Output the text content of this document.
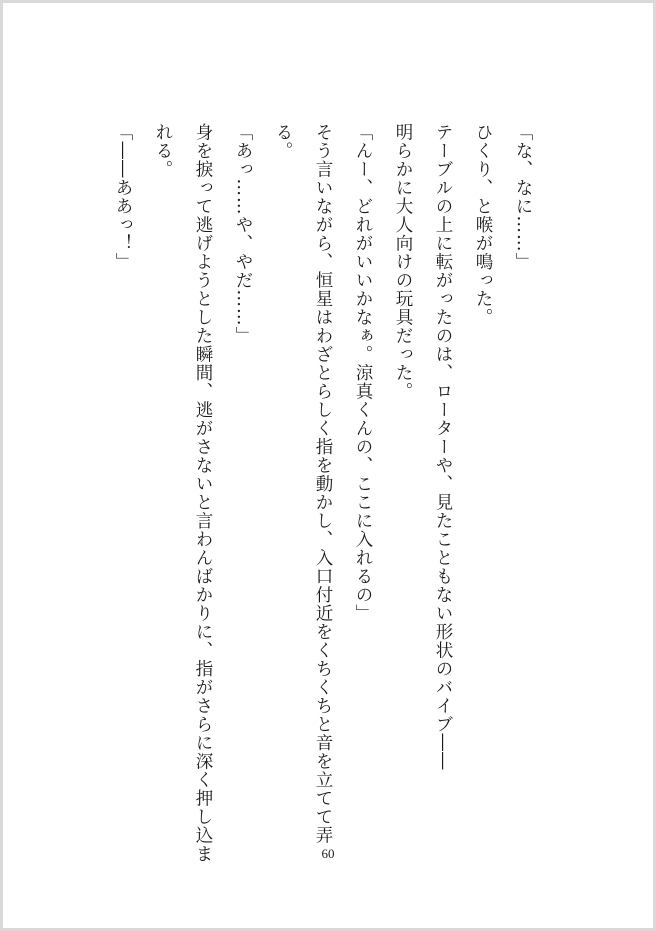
「な、なに……」

ひくり、と喉が鳴った。

テーブルの上に転がったのは、ローターや、見たこともない形状のバイブ――

明らかに大人向けの玩具だった。

「んー、どれがいいかなぁ。涼真くんの、ここに入れるの」

そう言いながら、恒星はわざとらしく指を動かし、入口付近をくちくちと音を立てて弄

る。

「あっ……や、やだ……」

身を捩って逃げようとした瞬間、逃がさないと言わんばかりに、指がさらに深く押し込ま

れる。

「――ああっ！」

60
